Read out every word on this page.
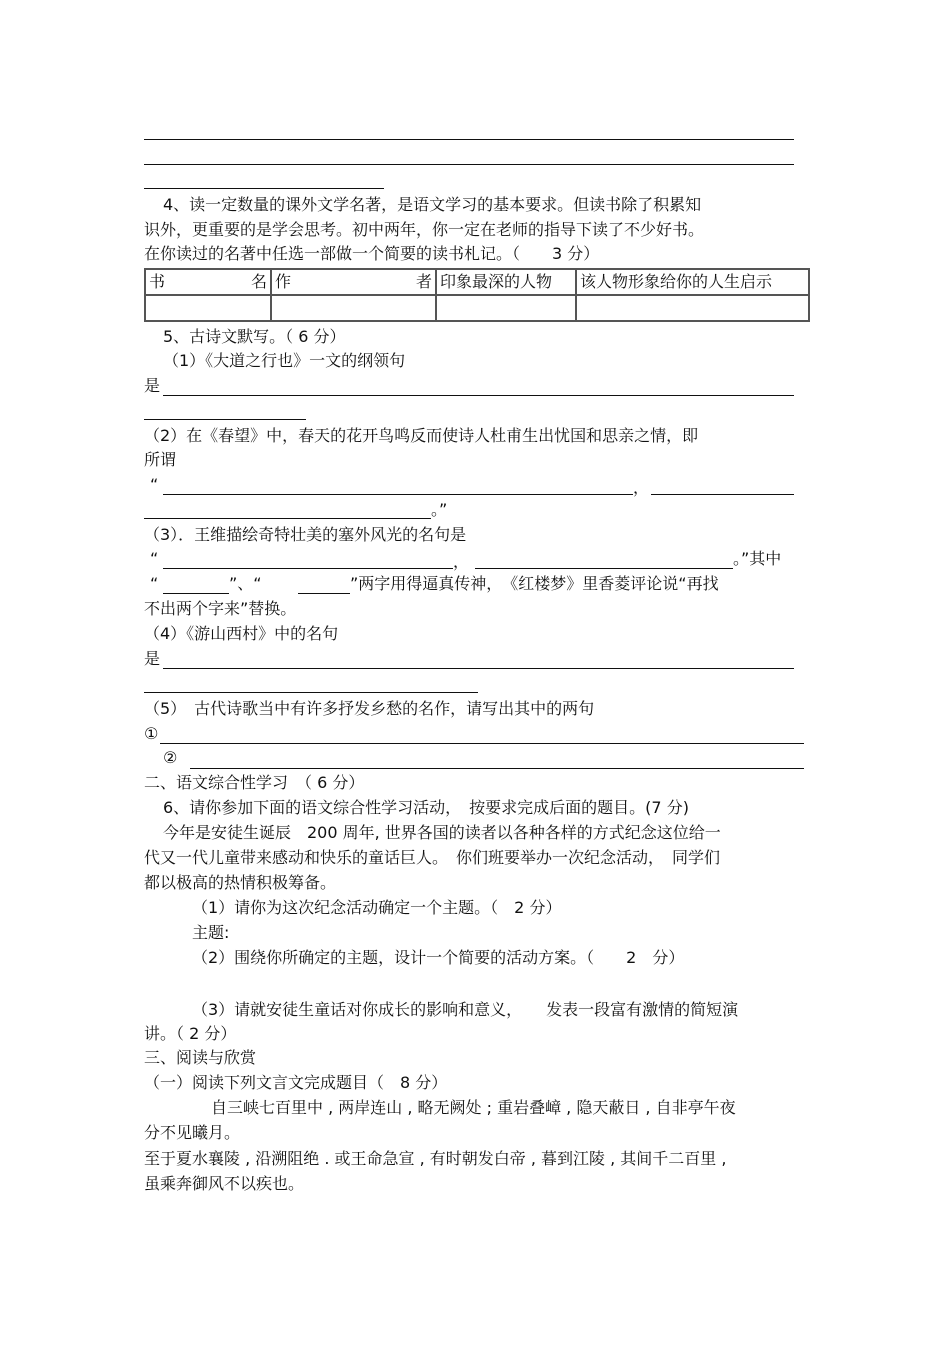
4、读一定数量的课外文学名著，是语文学习的基本要求。但读书除了积累知
识外，更重要的是学会思考。初中两年，你一定在老师的指导下读了不少好书。
在你读过的名著中任选一部做一个简要的读书札记。（　　3 分）
书 名	作 者	印象最深的人物	该人物形象给你的人生启示

5、古诗文默写。（ 6 分）
（1）《大道之行也》一文的纲领句
是
（2）在《春望》中，春天的花开鸟鸣反而使诗人杜甫生出忧国和思亲之情，即
所谓
“	，
。”
（3）．王维描绘奇特壮美的塞外风光的名句是
“	，	。”其中
“	”、“	”两字用得逼真传神，　《红楼梦》里香菱评论说“再找
不出两个字来”替换。
（4）《游山西村》中的名句
是
（5）　古代诗歌当中有许多抒发乡愁的名作，请写出其中的两句
①
②
二、语文综合性学习　（ 6 分）
6、请你参加下面的语文综合性学习活动，　按要求完成后面的题目。(7 分)
今年是安徒生诞辰　200 周年, 世界各国的读者以各种各样的方式纪念这位给一
代又一代儿童带来感动和快乐的童话巨人。　你们班要举办一次纪念活动，　同学们
都以极高的热情积极筹备。
（1）请你为这次纪念活动确定一个主题。（　2 分）
主题:
（2）围绕你所确定的主题，设计一个简要的活动方案。（　　2　分）
（3）请就安徒生童话对你成长的影响和意义，　　发表一段富有激情的简短演
讲。（ 2 分）
三、阅读与欣赏
（一）阅读下列文言文完成题目（　8 分）
自三峡七百里中 , 两岸连山 , 略无阙处 ; 重岩叠嶂 , 隐天蔽日 , 自非亭午夜
分不见曦月。
至于夏水襄陵 , 沿溯阻绝 . 或王命急宣 , 有时朝发白帝 , 暮到江陵 , 其间千二百里 ,
虽乘奔御风不以疾也。
